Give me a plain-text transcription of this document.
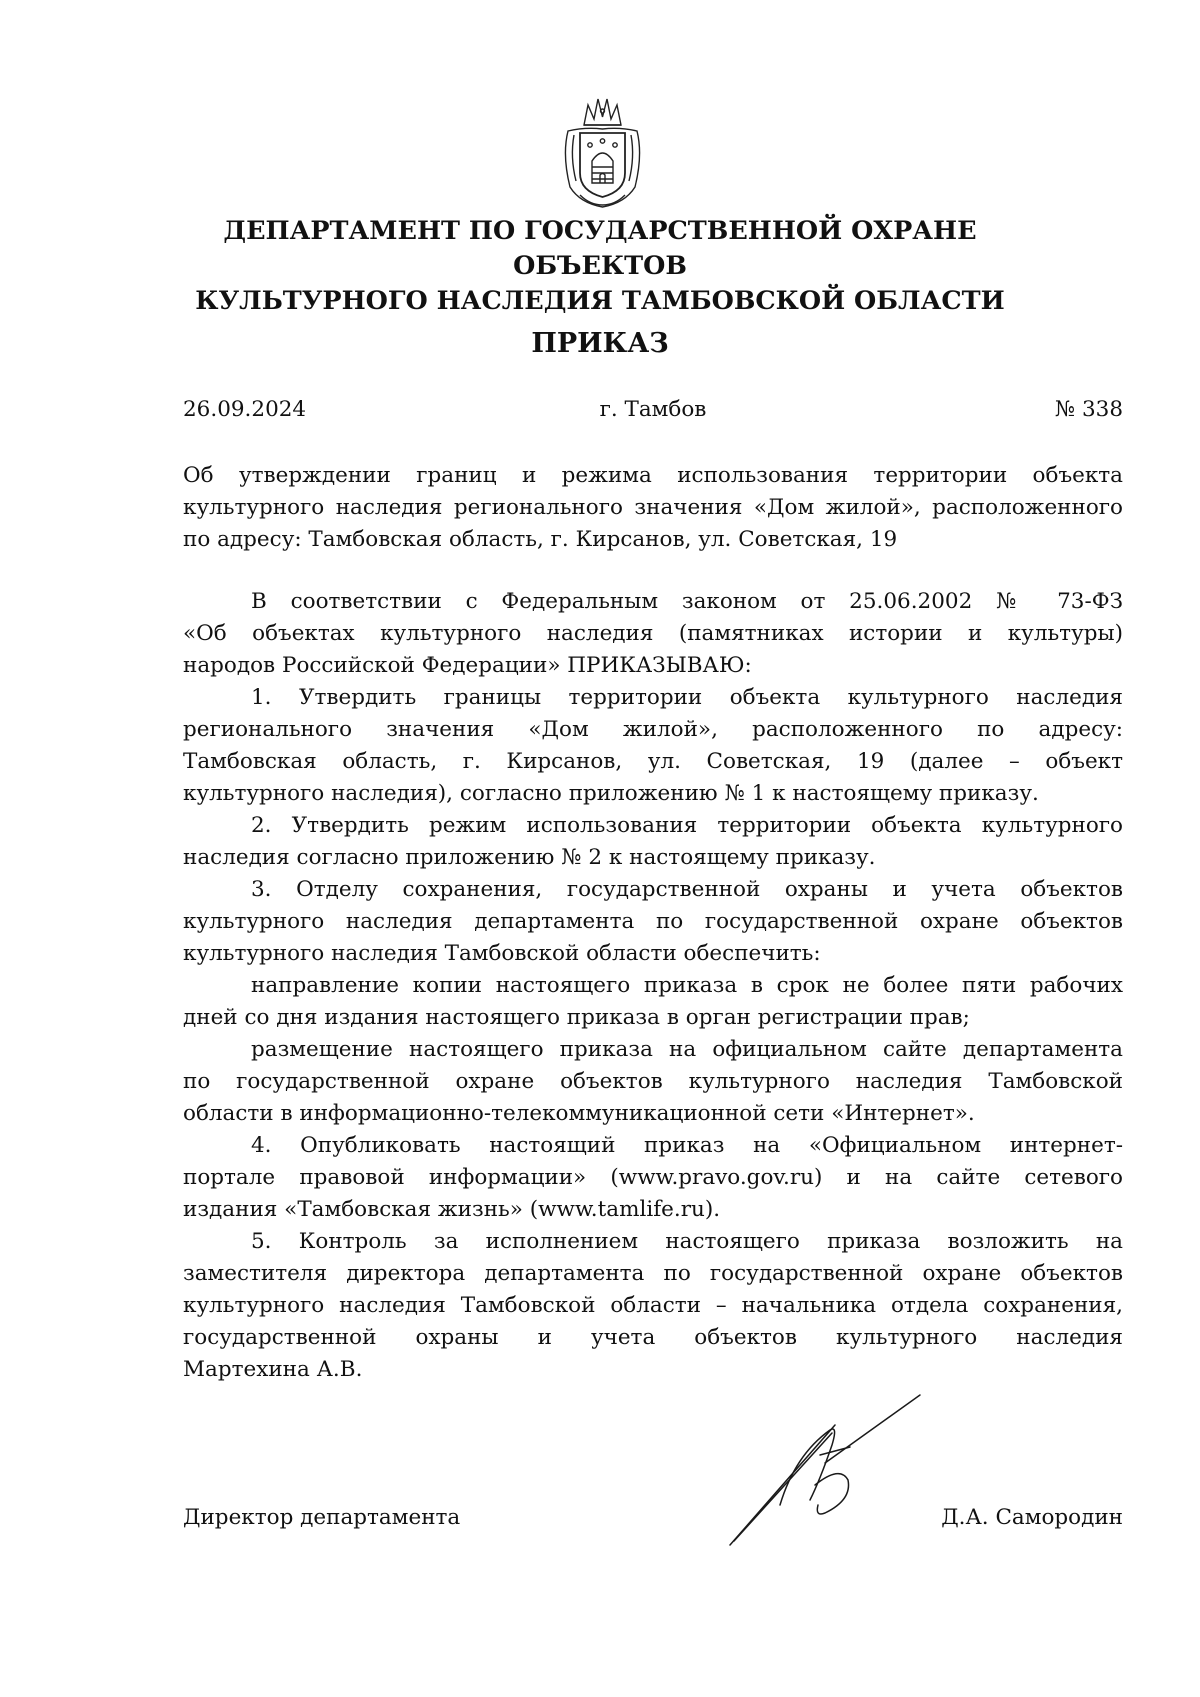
ДЕПАРТАМЕНТ ПО ГОСУДАРСТВЕННОЙ ОХРАНЕ ОБЪЕКТОВ
КУЛЬТУРНОГО НАСЛЕДИЯ ТАМБОВСКОЙ ОБЛАСТИ
ПРИКАЗ
26.09.2024	г. Тамбов	№ 338
Об утверждении границ и режима использования территории объекта
культурного наследия регионального значения «Дом жилой», расположенного
по адресу: Тамбовская область, г. Кирсанов, ул. Советская, 19
В соответствии с Федеральным законом от 25.06.2002 № 73-ФЗ
«Об объектах культурного наследия (памятниках истории и культуры)
народов Российской Федерации» ПРИКАЗЫВАЮ:
1. Утвердить границы территории объекта культурного наследия
регионального значения «Дом жилой», расположенного по адресу:
Тамбовская область, г. Кирсанов, ул. Советская, 19 (далее – объект
культурного наследия), согласно приложению № 1 к настоящему приказу.
2. Утвердить режим использования территории объекта культурного
наследия согласно приложению № 2 к настоящему приказу.
3. Отделу сохранения, государственной охраны и учета объектов
культурного наследия департамента по государственной охране объектов
культурного наследия Тамбовской области обеспечить:
направление копии настоящего приказа в срок не более пяти рабочих
дней со дня издания настоящего приказа в орган регистрации прав;
размещение настоящего приказа на официальном сайте департамента
по государственной охране объектов культурного наследия Тамбовской
области в информационно-телекоммуникационной сети «Интернет».
4. Опубликовать настоящий приказ на «Официальном интернет-
портале правовой информации» (www.pravo.gov.ru) и на сайте сетевого
издания «Тамбовская жизнь» (www.tamlife.ru).
5. Контроль за исполнением настоящего приказа возложить на
заместителя директора департамента по государственной охране объектов
культурного наследия Тамбовской области – начальника отдела сохранения,
государственной охраны и учета объектов культурного наследия
Мартехина А.В.
Директор департамента	Д.А. Самородин
